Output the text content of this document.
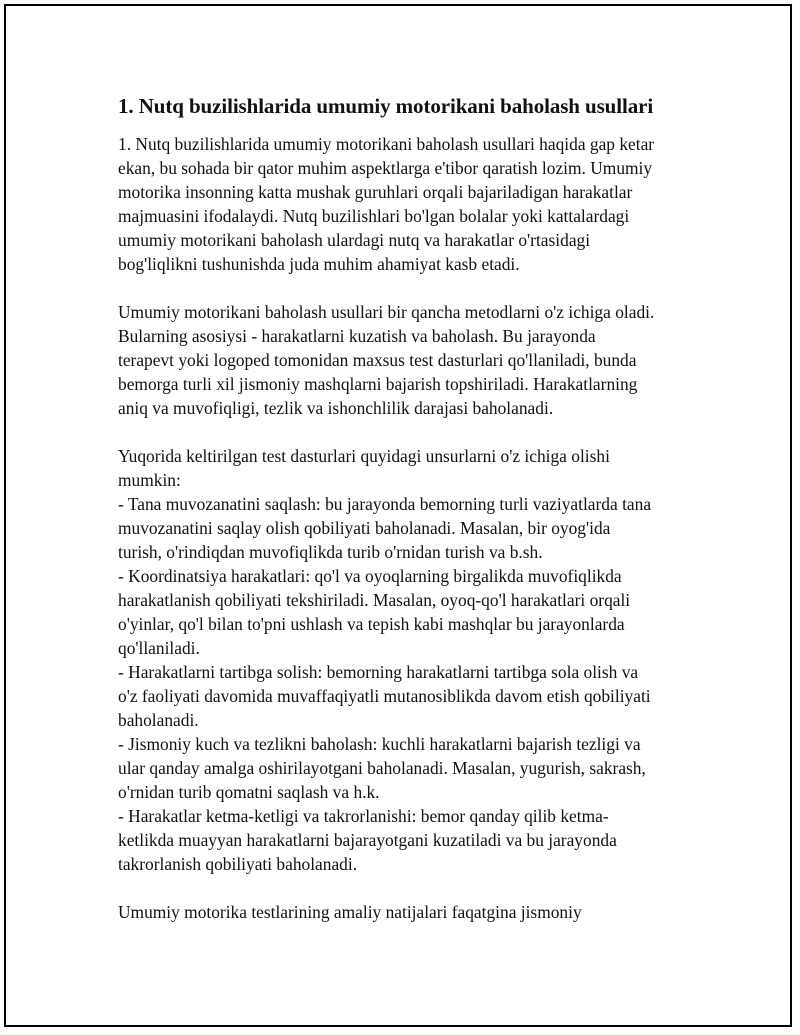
1. Nutq buzilishlarida umumiy motorikani baholash usullari
1. Nutq buzilishlarida umumiy motorikani baholash usullari haqida gap ketar
ekan, bu sohada bir qator muhim aspektlarga e'tibor qaratish lozim. Umumiy
motorika insonning katta mushak guruhlari orqali bajariladigan harakatlar
majmuasini ifodalaydi. Nutq buzilishlari bo'lgan bolalar yoki kattalardagi
umumiy motorikani baholash ulardagi nutq va harakatlar o'rtasidagi
bog'liqlikni tushunishda juda muhim ahamiyat kasb etadi.
Umumiy motorikani baholash usullari bir qancha metodlarni o'z ichiga oladi.
Bularning asosiysi - harakatlarni kuzatish va baholash. Bu jarayonda
terapevt yoki logoped tomonidan maxsus test dasturlari qo'llaniladi, bunda
bemorga turli xil jismoniy mashqlarni bajarish topshiriladi. Harakatlarning
aniq va muvofiqligi, tezlik va ishonchlilik darajasi baholanadi.
Yuqorida keltirilgan test dasturlari quyidagi unsurlarni o'z ichiga olishi
mumkin:
- Tana muvozanatini saqlash: bu jarayonda bemorning turli vaziyatlarda tana
muvozanatini saqlay olish qobiliyati baholanadi. Masalan, bir oyog'ida
turish, o'rindiqdan muvofiqlikda turib o'rnidan turish va b.sh.
- Koordinatsiya harakatlari: qo'l va oyoqlarning birgalikda muvofiqlikda
harakatlanish qobiliyati tekshiriladi. Masalan, oyoq-qo'l harakatlari orqali
o'yinlar, qo'l bilan to'pni ushlash va tepish kabi mashqlar bu jarayonlarda
qo'llaniladi.
- Harakatlarni tartibga solish: bemorning harakatlarni tartibga sola olish va
o'z faoliyati davomida muvaffaqiyatli mutanosiblikda davom etish qobiliyati
baholanadi.
- Jismoniy kuch va tezlikni baholash: kuchli harakatlarni bajarish tezligi va
ular qanday amalga oshirilayotgani baholanadi. Masalan, yugurish, sakrash,
o'rnidan turib qomatni saqlash va h.k.
- Harakatlar ketma-ketligi va takrorlanishi: bemor qanday qilib ketma-
ketlikda muayyan harakatlarni bajarayotgani kuzatiladi va bu jarayonda
takrorlanish qobiliyati baholanadi.
Umumiy motorika testlarining amaliy natijalari faqatgina jismoniy
